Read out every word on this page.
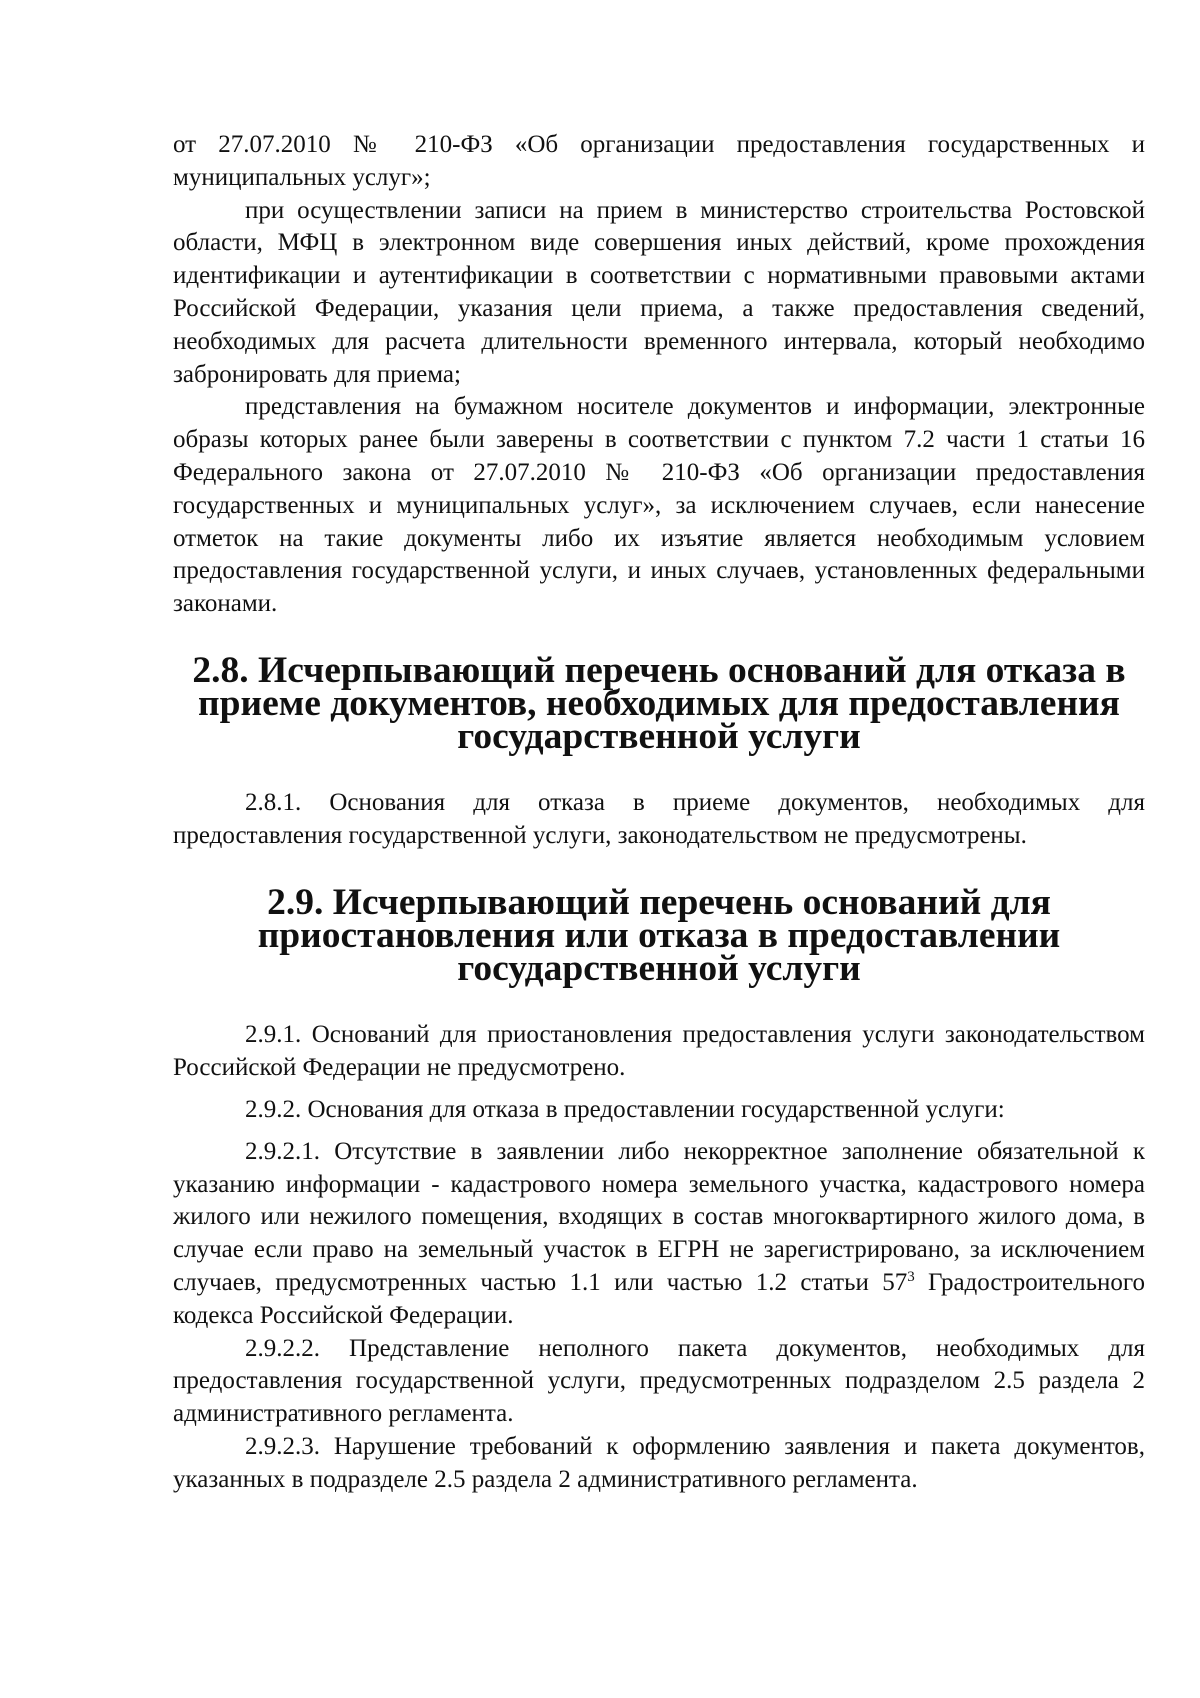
от 27.07.2010 № 210-ФЗ «Об организации предоставления государственных и муниципальных услуг»;

при осуществлении записи на прием в министерство строительства Ростовской области, МФЦ в электронном виде совершения иных действий, кроме прохождения идентификации и аутентификации в соответствии с нормативными правовыми актами Российской Федерации, указания цели приема, а также предоставления сведений, необходимых для расчета длительности временного интервала, который необходимо забронировать для приема;

представления на бумажном носителе документов и информации, электронные образы которых ранее были заверены в соответствии с пунктом 7.2 части 1 статьи 16 Федерального закона от 27.07.2010 № 210-ФЗ «Об организации предоставления государственных и муниципальных услуг», за исключением случаев, если нанесение отметок на такие документы либо их изъятие является необходимым условием предоставления государственной услуги, и иных случаев, установленных федеральными законами.

2.8. Исчерпывающий перечень оснований для отказа в приеме документов, необходимых для предоставления государственной услуги

2.8.1. Основания для отказа в приеме документов, необходимых для предоставления государственной услуги, законодательством не предусмотрены.

2.9. Исчерпывающий перечень оснований для приостановления или отказа в предоставлении государственной услуги

2.9.1. Оснований для приостановления предоставления услуги законодательством Российской Федерации не предусмотрено.

2.9.2. Основания для отказа в предоставлении государственной услуги:

2.9.2.1. Отсутствие в заявлении либо некорректное заполнение обязательной к указанию информации - кадастрового номера земельного участка, кадастрового номера жилого или нежилого помещения, входящих в состав многоквартирного жилого дома, в случае если право на земельный участок в ЕГРН не зарегистрировано, за исключением случаев, предусмотренных частью 1.1 или частью 1.2 статьи $57^3$ Градостроительного кодекса Российской Федерации.

2.9.2.2. Представление неполного пакета документов, необходимых для предоставления государственной услуги, предусмотренных подразделом 2.5 раздела 2 административного регламента.

2.9.2.3. Нарушение требований к оформлению заявления и пакета документов, указанных в подразделе 2.5 раздела 2 административного регламента.
